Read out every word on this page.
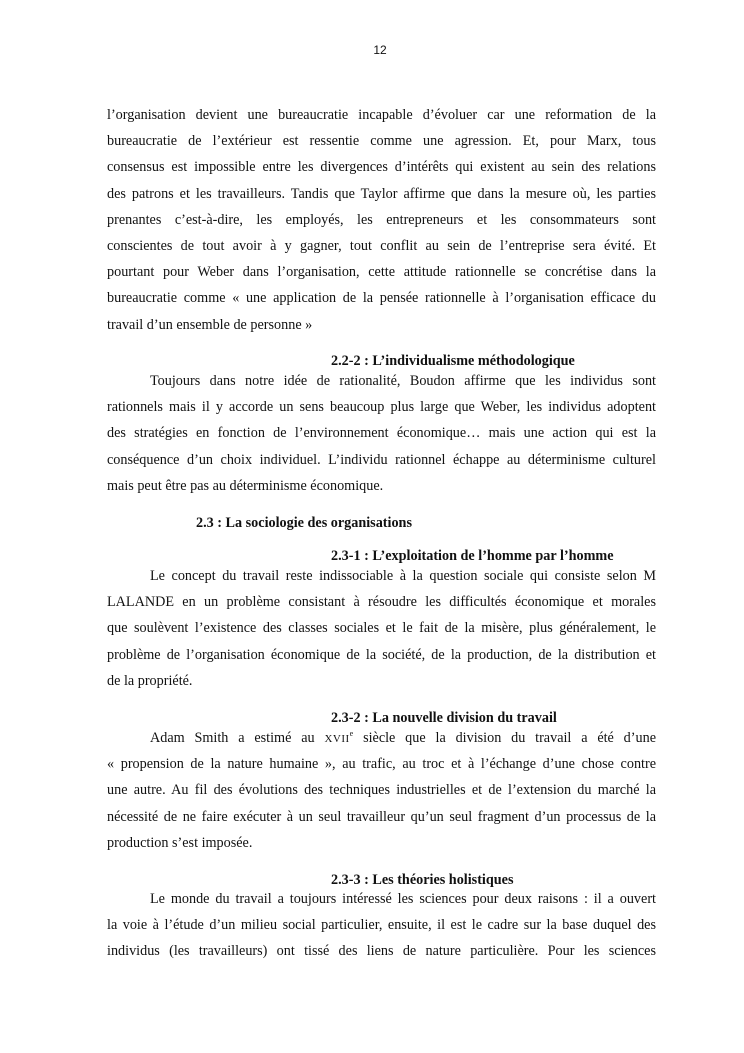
12
l’organisation devient une bureaucratie incapable d’évoluer car une reformation de la
bureaucratie de l’extérieur est ressentie comme une agression. Et, pour Marx, tous
consensus est impossible entre les divergences d’intérêts qui existent au sein des relations
des patrons et les travailleurs. Tandis que Taylor affirme que dans la mesure où, les parties
prenantes c’est-à-dire, les employés, les entrepreneurs et les consommateurs sont
conscientes de tout avoir à y gagner, tout conflit au sein de l’entreprise sera évité. Et
pourtant pour Weber dans l’organisation, cette attitude rationnelle se concrétise dans la
bureaucratie comme « une application de la pensée rationnelle à l’organisation efficace du
travail d’un ensemble de personne »
2.2-2 : L’individualisme méthodologique
Toujours dans notre idée de rationalité, Boudon affirme que les individus sont
rationnels mais il y accorde un sens beaucoup plus large que Weber, les individus adoptent
des stratégies en fonction de l’environnement économique… mais une action qui est la
conséquence d’un choix individuel. L’individu rationnel échappe au déterminisme culturel
mais peut être pas au déterminisme économique.
2.3 : La sociologie des organisations
2.3-1 : L’exploitation de l’homme par l’homme
Le concept du travail reste indissociable à la question sociale qui consiste selon M
LALANDE en un problème consistant à résoudre les difficultés économique et morales
que soulèvent l’existence des classes sociales et le fait de la misère, plus généralement, le
problème de l’organisation économique de la société, de la production, de la distribution et
de la propriété.
2.3-2 : La nouvelle division du travail
Adam Smith a estimé au XVIIe siècle que la division du travail a été d’une
« propension de la nature humaine », au trafic, au troc et à l’échange d’une chose contre
une autre. Au fil des évolutions des techniques industrielles et de l’extension du marché la
nécessité de ne faire exécuter à un seul travailleur qu’un seul fragment d’un processus de la
production s’est imposée.
2.3-3 : Les théories holistiques
Le monde du travail a toujours intéressé les sciences pour deux raisons : il a ouvert
la voie à l’étude d’un milieu social particulier, ensuite, il est le cadre sur la base duquel des
individus (les travailleurs) ont tissé des liens de nature particulière. Pour les sciences
